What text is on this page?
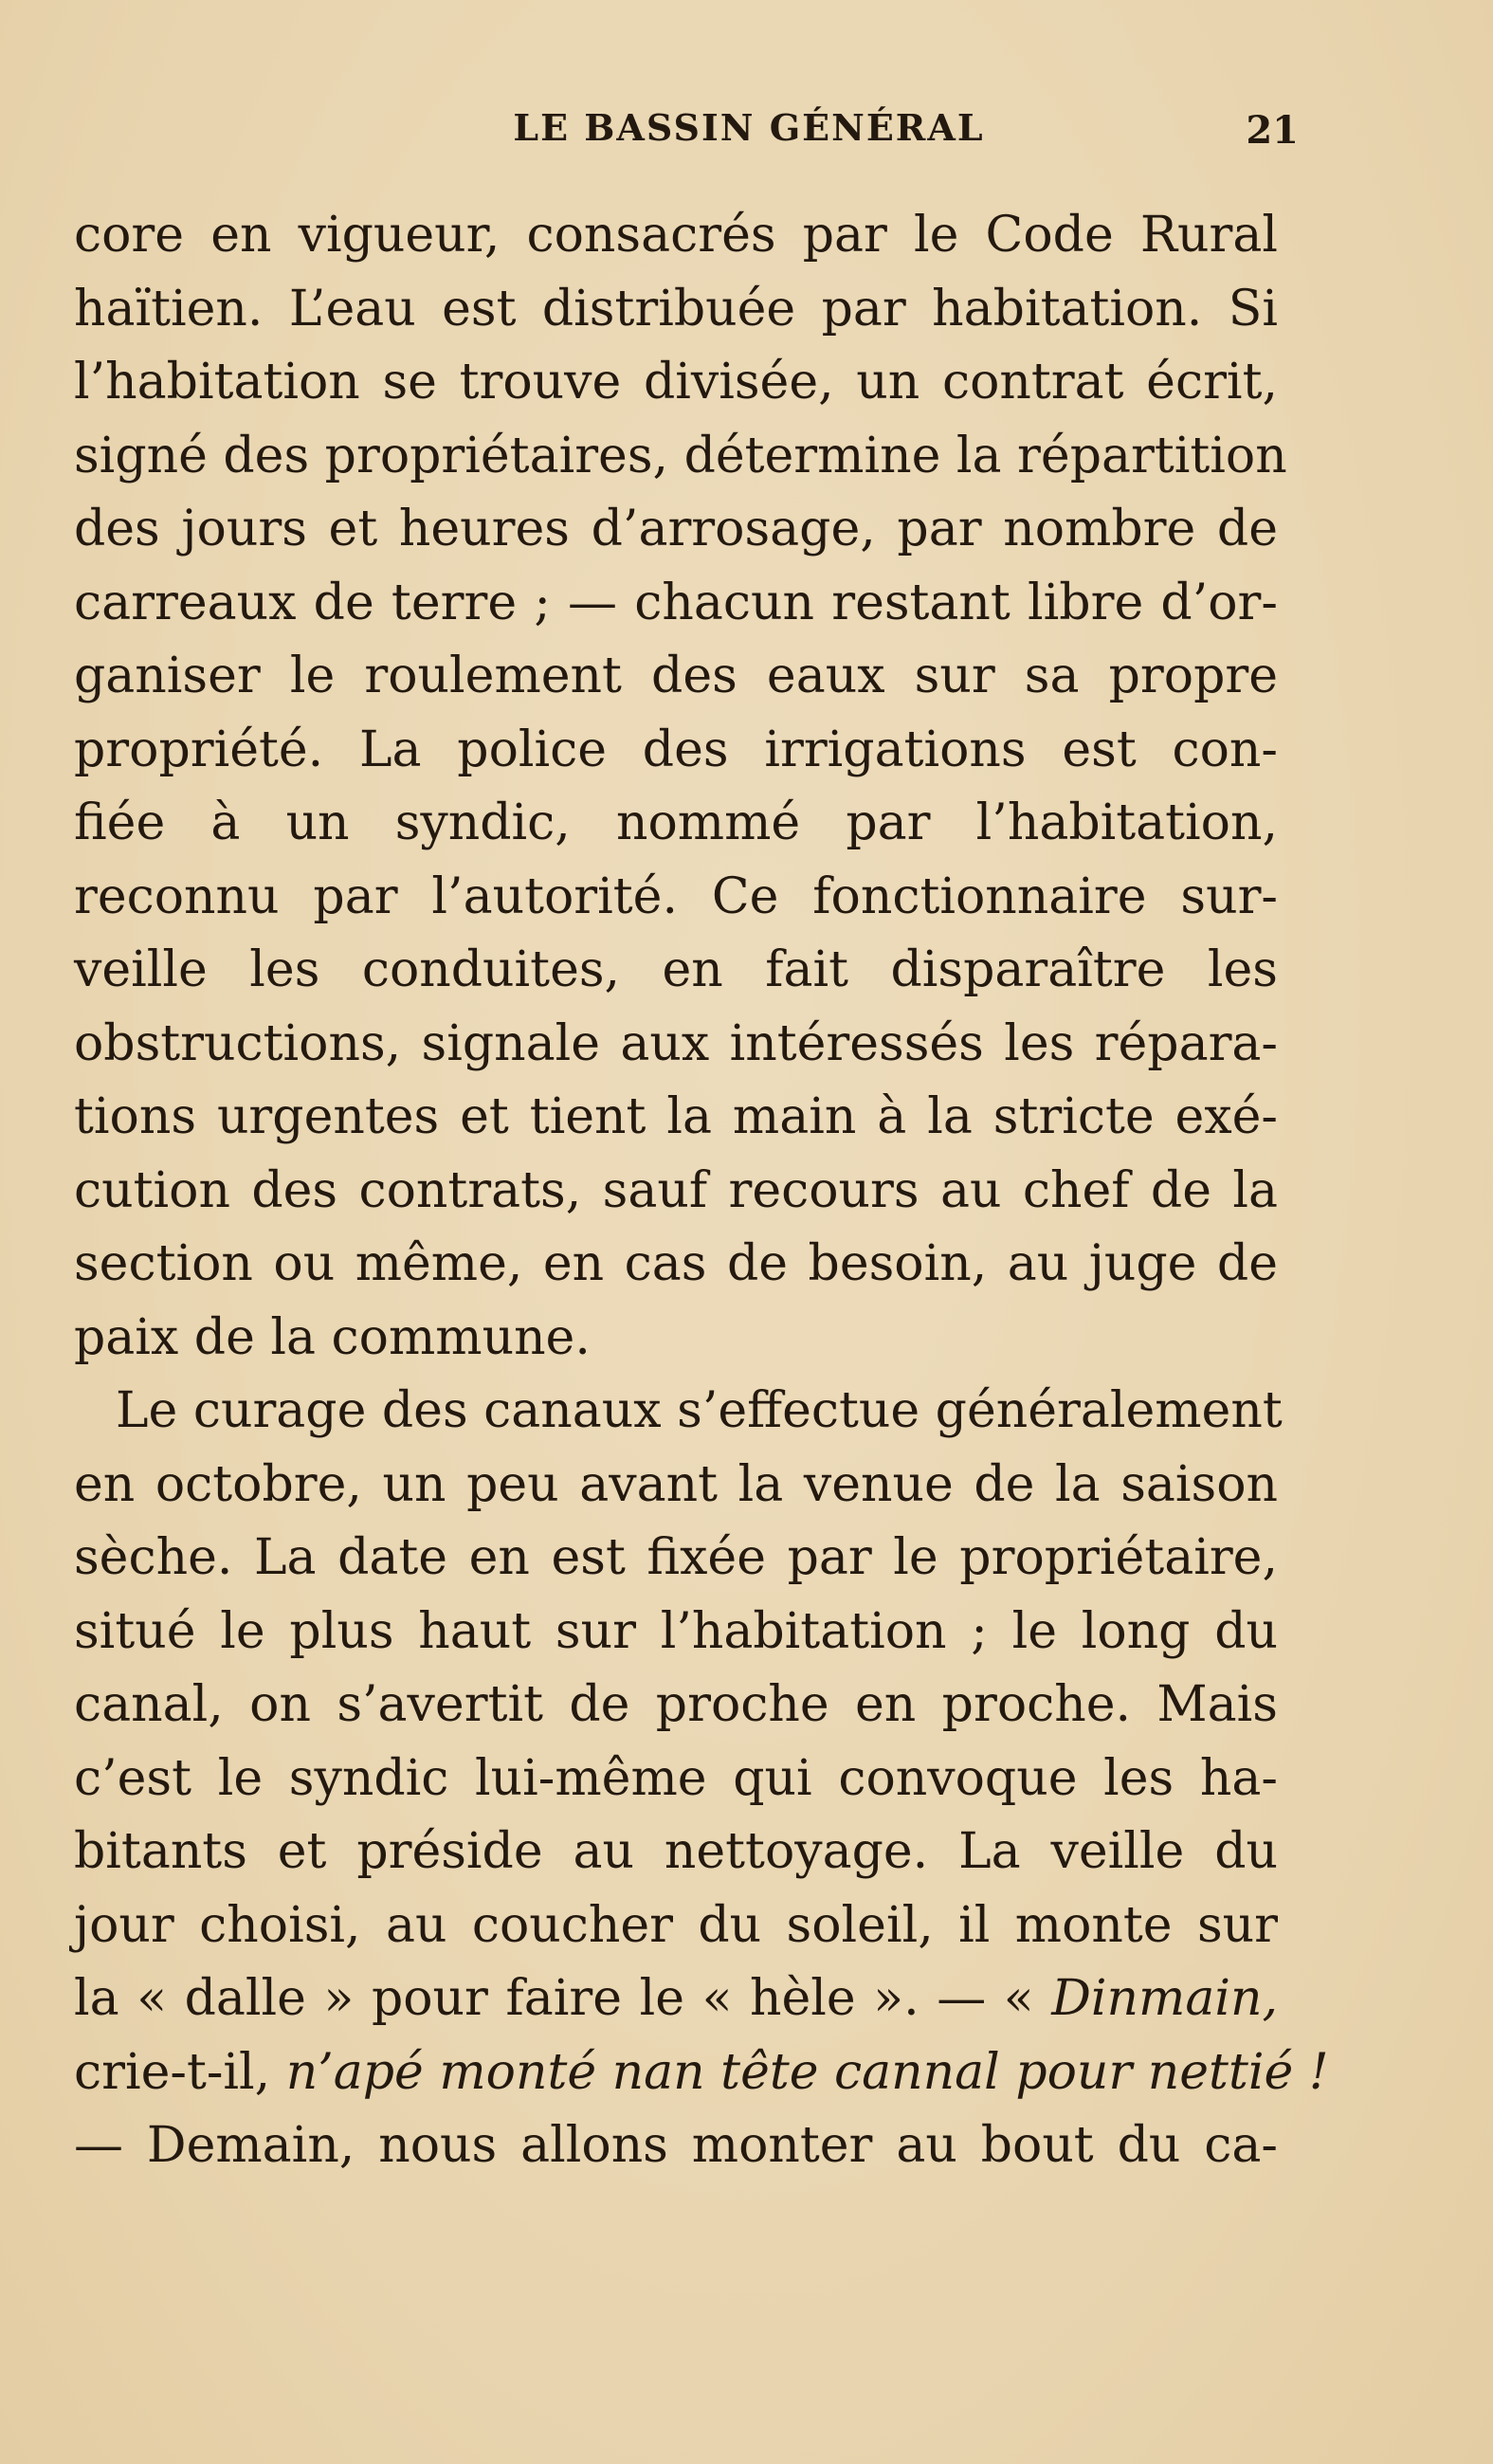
LE BASSIN GÉNÉRAL	21
core en vigueur, consacrés par le Code Rural
haïtien. L’eau est distribuée par habitation. Si
l’habitation se trouve divisée, un contrat écrit,
signé des propriétaires, détermine la répartition
des jours et heures d’arrosage, par nombre de
carreaux de terre ; — chacun restant libre d’or-
ganiser le roulement des eaux sur sa propre
propriété. La police des irrigations est con-
fiée à un syndic, nommé par l’habitation,
reconnu par l’autorité. Ce fonctionnaire sur-
veille les conduites, en fait disparaître les
obstructions, signale aux intéressés les répara-
tions urgentes et tient la main à la stricte exé-
cution des contrats, sauf recours au chef de la
section ou même, en cas de besoin, au juge de
paix de la commune.
Le curage des canaux s’effectue généralement
en octobre, un peu avant la venue de la saison
sèche. La date en est fixée par le propriétaire,
situé le plus haut sur l’habitation ; le long du
canal, on s’avertit de proche en proche. Mais
c’est le syndic lui-même qui convoque les ha-
bitants et préside au nettoyage. La veille du
jour choisi, au coucher du soleil, il monte sur
la « dalle » pour faire le « hèle ». — « Dinmain,
crie-t-il, n’apé monté nan tête cannal pour nettié !
— Demain, nous allons monter au bout du ca-
